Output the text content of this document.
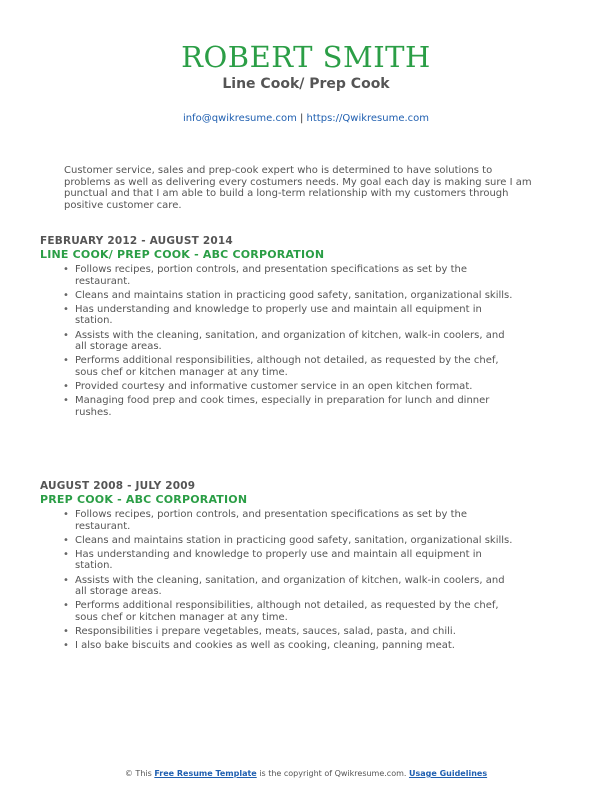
ROBERT SMITH
Line Cook/ Prep Cook
info@qwikresume.com | https://Qwikresume.com
Customer service, sales and prep-cook expert who is determined to have solutions to problems as well as delivering every costumers needs. My goal each day is making sure I am punctual and that I am able to build a long-term relationship with my customers through positive customer care.
FEBRUARY 2012 - AUGUST 2014
LINE COOK/ PREP COOK - ABC CORPORATION
• Follows recipes, portion controls, and presentation specifications as set by the restaurant.
• Cleans and maintains station in practicing good safety, sanitation, organizational skills.
• Has understanding and knowledge to properly use and maintain all equipment in station.
• Assists with the cleaning, sanitation, and organization of kitchen, walk-in coolers, and all storage areas.
• Performs additional responsibilities, although not detailed, as requested by the chef, sous chef or kitchen manager at any time.
• Provided courtesy and informative customer service in an open kitchen format.
• Managing food prep and cook times, especially in preparation for lunch and dinner rushes.
AUGUST 2008 - JULY 2009
PREP COOK - ABC CORPORATION
• Follows recipes, portion controls, and presentation specifications as set by the restaurant.
• Cleans and maintains station in practicing good safety, sanitation, organizational skills.
• Has understanding and knowledge to properly use and maintain all equipment in station.
• Assists with the cleaning, sanitation, and organization of kitchen, walk-in coolers, and all storage areas.
• Performs additional responsibilities, although not detailed, as requested by the chef, sous chef or kitchen manager at any time.
• Responsibilities i prepare vegetables, meats, sauces, salad, pasta, and chili.
• I also bake biscuits and cookies as well as cooking, cleaning, panning meat.
© This Free Resume Template is the copyright of Qwikresume.com. Usage Guidelines
